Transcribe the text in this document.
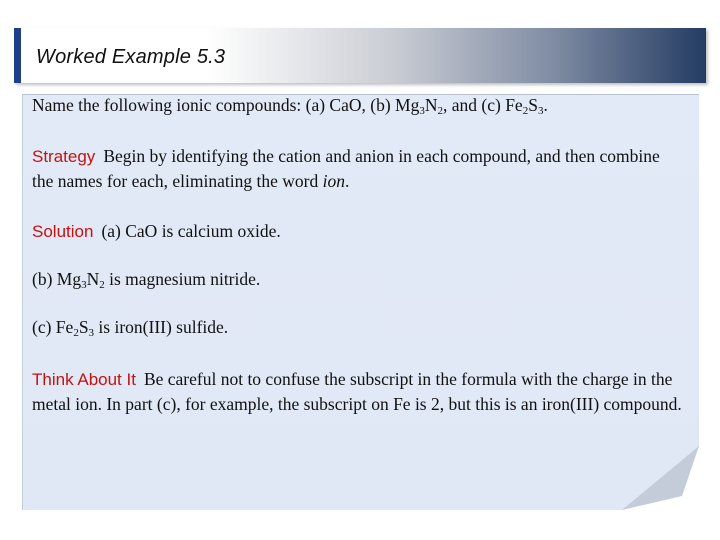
Worked Example 5.3
Name the following ionic compounds: (a) CaO, (b) $Mg_3N_2$, and (c) $Fe_2S_3$.
Strategy Begin by identifying the cation and anion in each compound, and then combine the names for each, eliminating the word ion.
Solution (a) CaO is calcium oxide.
(b) $Mg_3N_2$ is magnesium nitride.
(c) $Fe_2S_3$ is iron(III) sulfide.
Think About It Be careful not to confuse the subscript in the formula with the charge in the metal ion. In part (c), for example, the subscript on Fe is 2, but this is an iron(III) compound.
